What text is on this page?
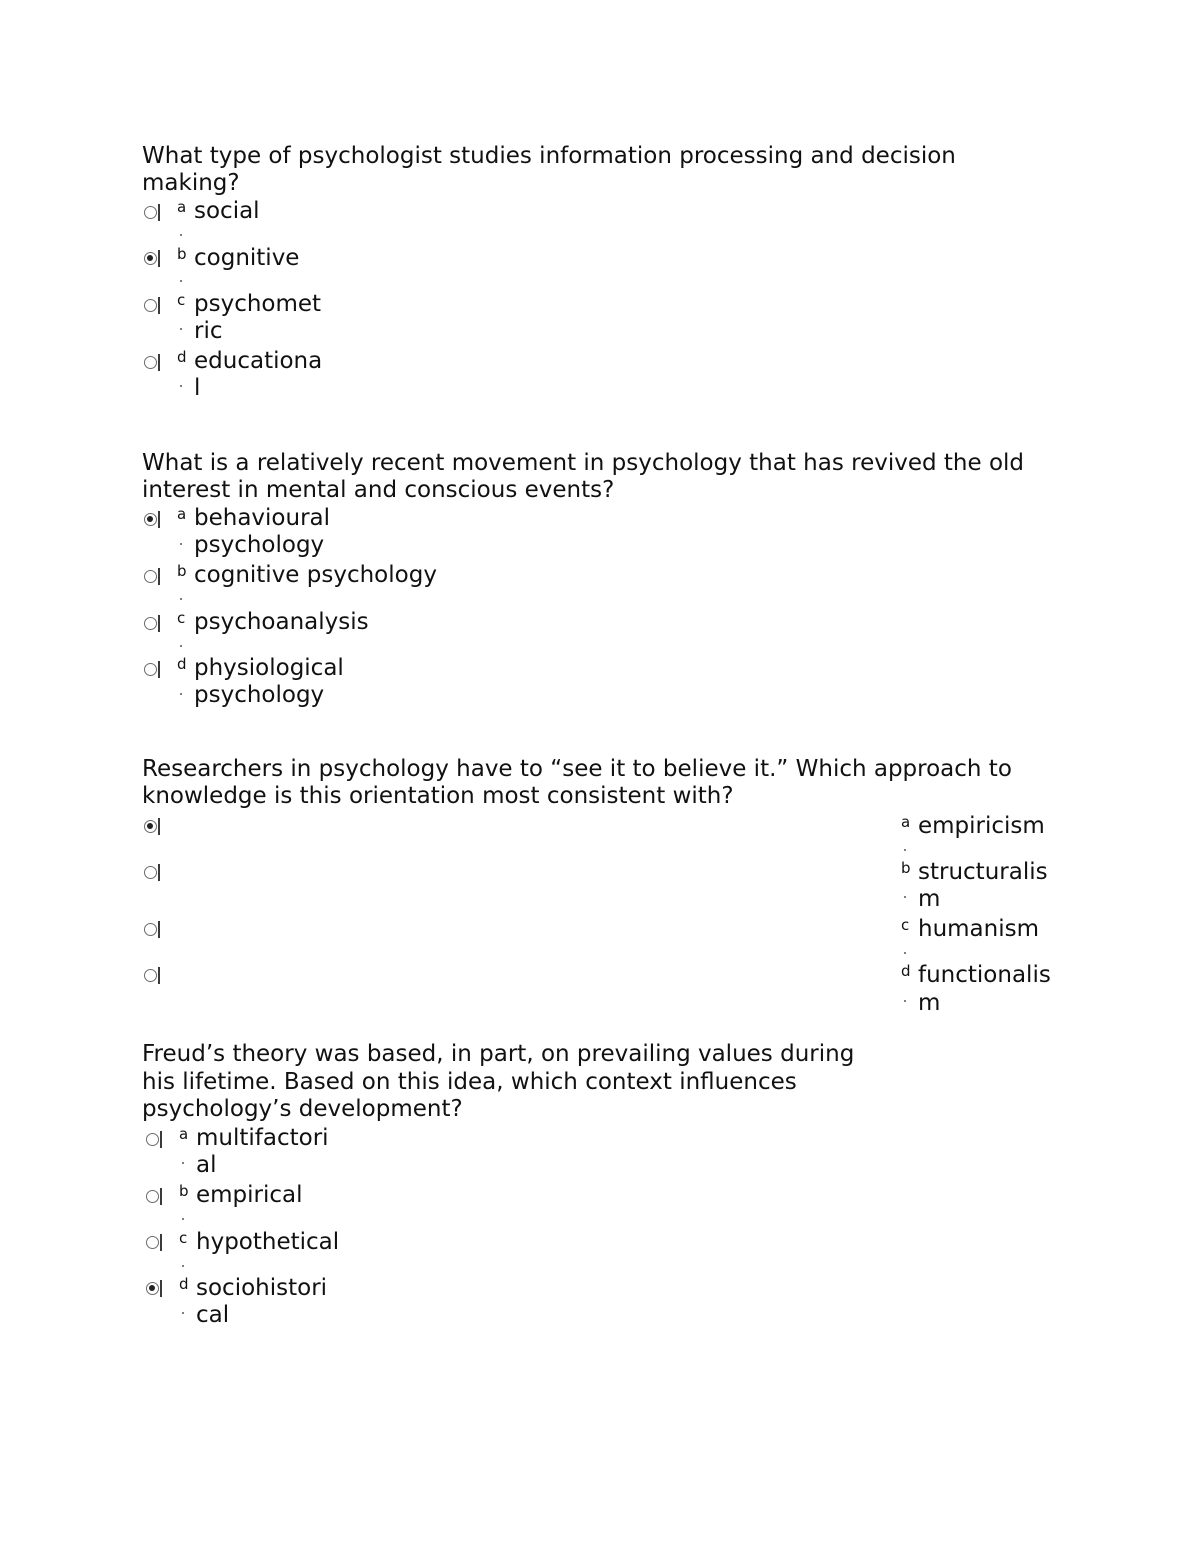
What type of psychologist studies information processing and decision
making?
a social
b cognitive
c psychomet
ric
d educationa
l
What is a relatively recent movement in psychology that has revived the old
interest in mental and conscious events?
a behavioural
psychology
b cognitive psychology
c psychoanalysis
d physiological
psychology
Researchers in psychology have to “see it to believe it.” Which approach to
knowledge is this orientation most consistent with?
a empiricism
b structuralis
m
c humanism
d functionalis
m
Freud’s theory was based, in part, on prevailing values during
his lifetime. Based on this idea, which context influences
psychology’s development?
a multifactori
al
b empirical
c hypothetical
d sociohistori
cal
